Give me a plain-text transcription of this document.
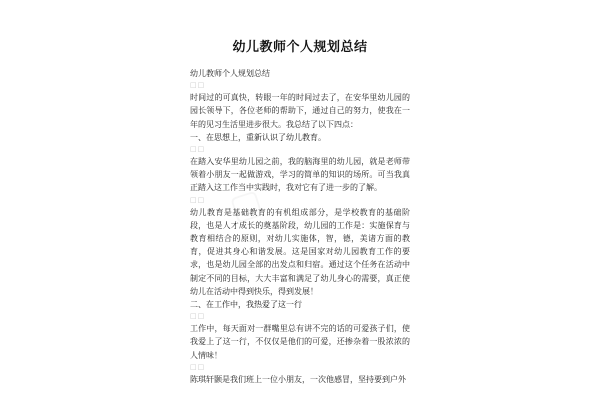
幼儿教师个人规划总结

幼儿教师个人规划总结

□□

时间过的可真快，转眼一年的时间过去了，在安华里幼儿园的园长领导下，各位老师的帮助下，通过自己的努力，使我在一年的见习生活里进步很大。我总结了以下四点：

一、在思想上，重新认识了幼儿教育。

□□

在踏入安华里幼儿园之前，我的脑海里的幼儿园，就是老师带领着小朋友一起做游戏，学习的简单的知识的场所。可当我真正踏入这工作当中实践时，我对它有了进一步的了解。

□□

幼儿教育是基础教育的有机组成部分，是学校教育的基础阶段，也是人才成长的奠基阶段，幼儿园的工作是：实施保育与教育相结合的原则，对幼儿实施体，智，德，美诸方面的教育，促进其身心和谐发展。这是国家对幼儿园教育工作的要求，也是幼儿园全部的出发点和归宿。通过这个任务在活动中制定不同的目标，大大丰富和满足了幼儿身心的需要，真正使幼儿在活动中得到快乐，得到发展！

二、在工作中，我热爱了这一行

□□

工作中，每天面对一群嘴里总有讲不完的话的可爱孩子们，使我爱上了这一行，不仅仅是他们的可爱，还掺杂着一股浓浓的人情味！

□□

陈琪轩颢是我们班上一位小朋友，一次他感冒，坚持要到户外
